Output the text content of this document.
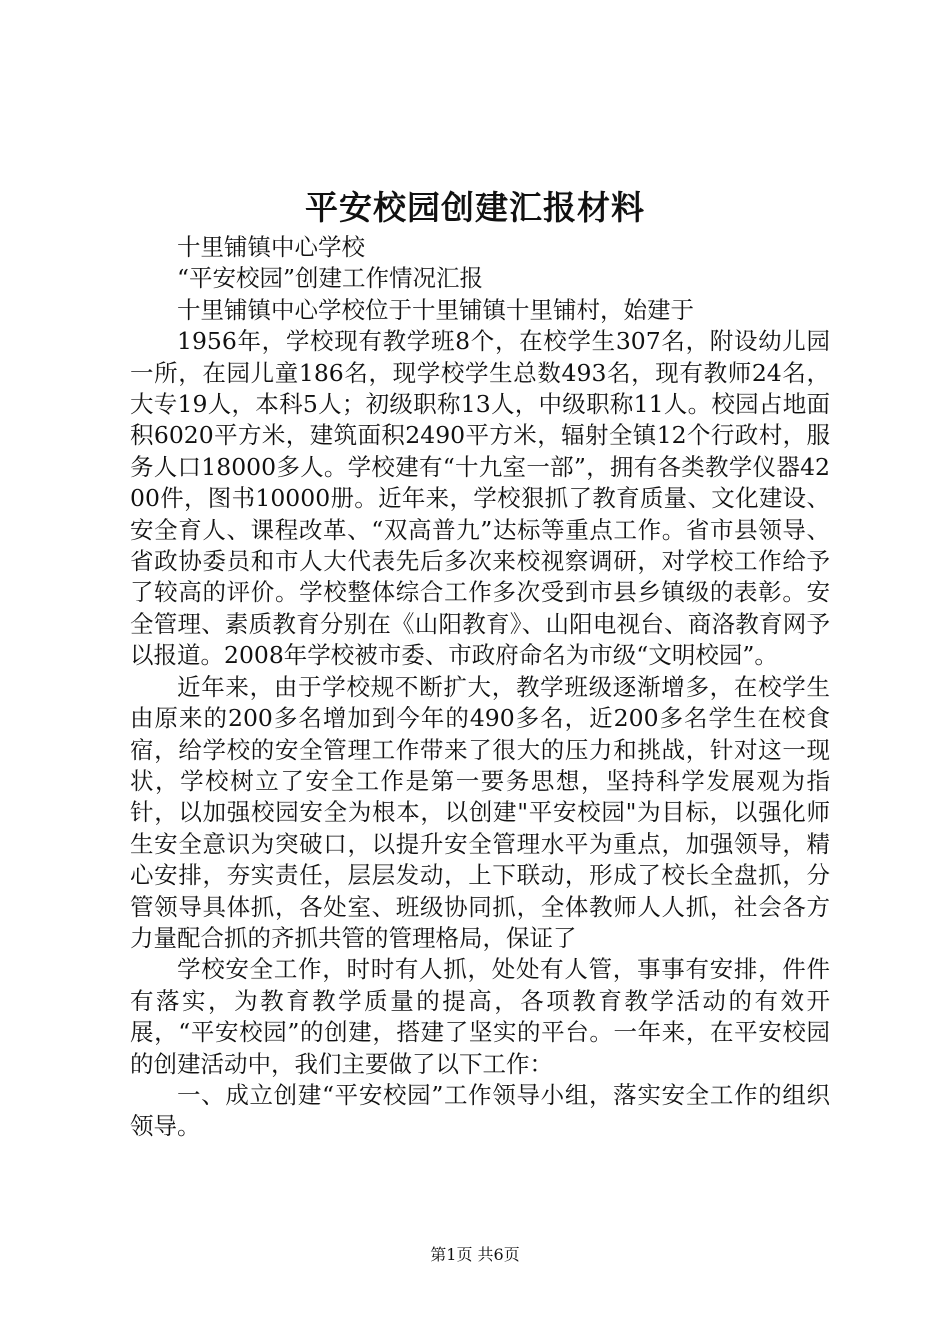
平安校园创建汇报材料

十里铺镇中心学校

“平安校园”创建工作情况汇报

十里铺镇中心学校位于十里铺镇十里铺村，始建于

1956年，学校现有教学班8个，在校学生307名，附设幼儿园一所，在园儿童186名，现学校学生总数493名，现有教师24名，大专19人，本科5人；初级职称13人，中级职称11人。校园占地面积6020平方米，建筑面积2490平方米，辐射全镇12个行政村，服务人口18000多人。学校建有“十九室一部”，拥有各类教学仪器4200件，图书10000册。近年来，学校狠抓了教育质量、文化建设、安全育人、课程改革、“双高普九”达标等重点工作。省市县领导、省政协委员和市人大代表先后多次来校视察调研，对学校工作给予了较高的评价。学校整体综合工作多次受到市县乡镇级的表彰。安全管理、素质教育分别在《山阳教育》、山阳电视台、商洛教育网予以报道。2008年学校被市委、市政府命名为市级“文明校园”。

近年来，由于学校规不断扩大，教学班级逐渐增多，在校学生由原来的200多名增加到今年的490多名，近200多名学生在校食宿，给学校的安全管理工作带来了很大的压力和挑战，针对这一现状，学校树立了安全工作是第一要务思想，坚持科学发展观为指针，以加强校园安全为根本，以创建"平安校园"为目标，以强化师生安全意识为突破口，以提升安全管理水平为重点，加强领导，精心安排，夯实责任，层层发动，上下联动，形成了校长全盘抓，分管领导具体抓，各处室、班级协同抓，全体教师人人抓，社会各方力量配合抓的齐抓共管的管理格局，保证了

学校安全工作，时时有人抓，处处有人管，事事有安排，件件有落实，为教育教学质量的提高，各项教育教学活动的有效开展，“平安校园”的创建，搭建了坚实的平台。一年来，在平安校园的创建活动中，我们主要做了以下工作：

一、成立创建“平安校园”工作领导小组，落实安全工作的组织领导。

第1页 共6页
